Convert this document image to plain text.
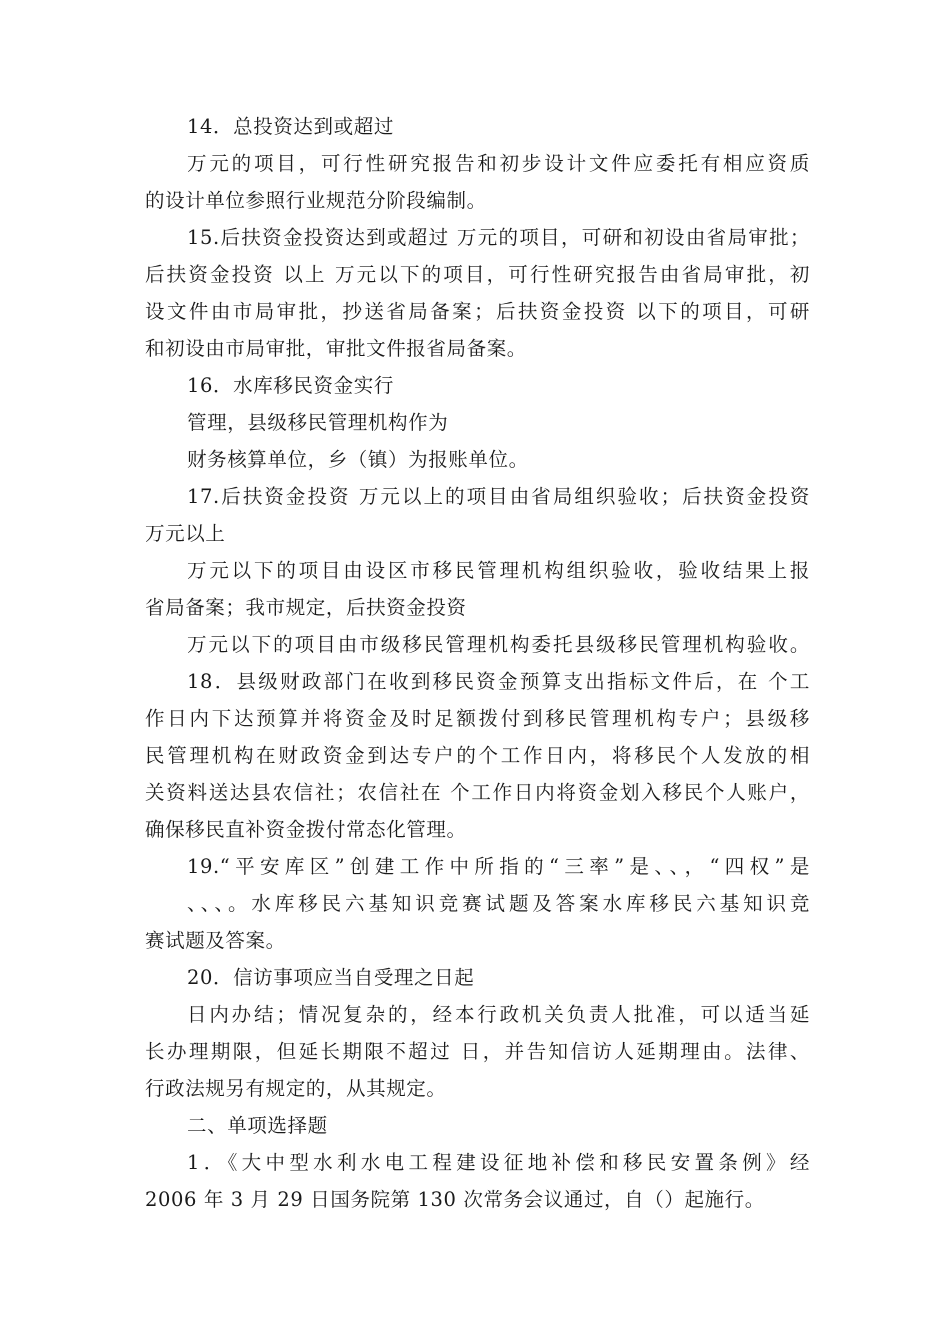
14．总投资达到或超过
万元的项目，可行性研究报告和初步设计文件应委托有相应资质
的设计单位参照行业规范分阶段编制。
15.后扶资金投资达到或超过 万元的项目，可研和初设由省局审批；
后扶资金投资 以上 万元以下的项目，可行性研究报告由省局审批，初
设文件由市局审批，抄送省局备案；后扶资金投资 以下的项目，可研
和初设由市局审批，审批文件报省局备案。
16．水库移民资金实行
管理，县级移民管理机构作为
财务核算单位，乡（镇）为报账单位。
17.后扶资金投资 万元以上的项目由省局组织验收；后扶资金投资
万元以上
万元以下的项目由设区市移民管理机构组织验收，验收结果上报
省局备案；我市规定，后扶资金投资
万元以下的项目由市级移民管理机构委托县级移民管理机构验收。
18．县级财政部门在收到移民资金预算支出指标文件后，在 个工
作日内下达预算并将资金及时足额拨付到移民管理机构专户；县级移
民管理机构在财政资金到达专户的个工作日内，将移民个人发放的相
关资料送达县农信社；农信社在 个工作日内将资金划入移民个人账户，
确保移民直补资金拨付常态化管理。
19.“平安库区”创建工作中所指的“三率”是、、，“四权”是
、、、。水库移民六基知识竞赛试题及答案水库移民六基知识竞
赛试题及答案。
20．信访事项应当自受理之日起
日内办结；情况复杂的，经本行政机关负责人批准，可以适当延
长办理期限，但延长期限不超过 日，并告知信访人延期理由。法律、
行政法规另有规定的，从其规定。
二、单项选择题
1．《大中型水利水电工程建设征地补偿和移民安置条例》经
2006 年 3 月 29 日国务院第 130 次常务会议通过，自（）起施行。
